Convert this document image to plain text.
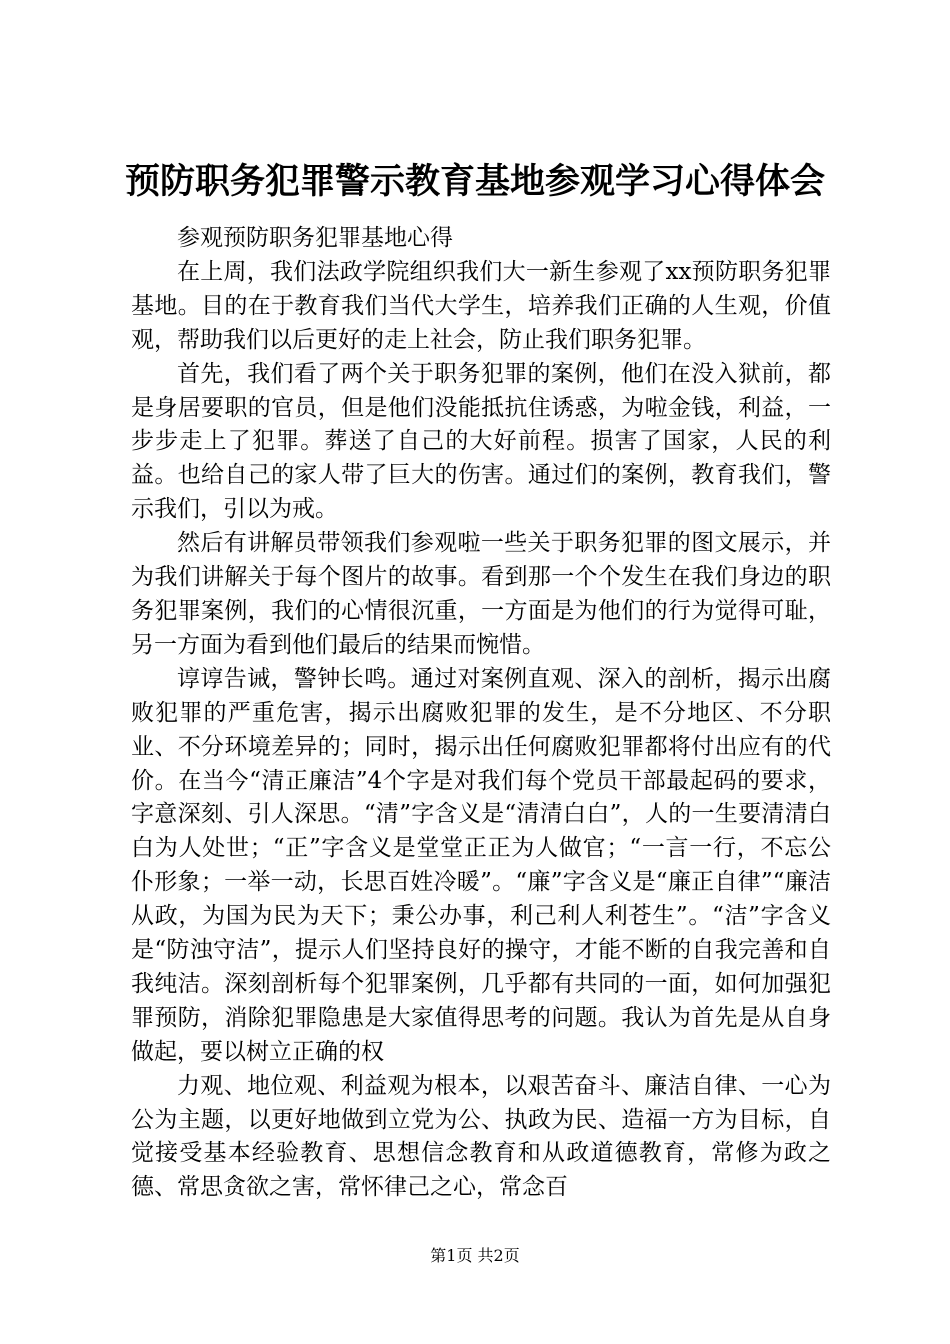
预防职务犯罪警示教育基地参观学习心得体会

参观预防职务犯罪基地心得

在上周，我们法政学院组织我们大一新生参观了xx预防职务犯罪基地。目的在于教育我们当代大学生，培养我们正确的人生观，价值观，帮助我们以后更好的走上社会，防止我们职务犯罪。

首先，我们看了两个关于职务犯罪的案例，他们在没入狱前，都是身居要职的官员，但是他们没能抵抗住诱惑，为啦金钱，利益，一步步走上了犯罪。葬送了自己的大好前程。损害了国家，人民的利益。也给自己的家人带了巨大的伤害。通过们的案例，教育我们，警示我们，引以为戒。

然后有讲解员带领我们参观啦一些关于职务犯罪的图文展示，并为我们讲解关于每个图片的故事。看到那一个个发生在我们身边的职务犯罪案例，我们的心情很沉重，一方面是为他们的行为觉得可耻，另一方面为看到他们最后的结果而惋惜。

谆谆告诫，警钟长鸣。通过对案例直观、深入的剖析，揭示出腐败犯罪的严重危害，揭示出腐败犯罪的发生，是不分地区、不分职业、不分环境差异的；同时，揭示出任何腐败犯罪都将付出应有的代价。在当今“清正廉洁”4个字是对我们每个党员干部最起码的要求，字意深刻、引人深思。“清”字含义是“清清白白”，人的一生要清清白白为人处世；“正”字含义是堂堂正正为人做官；“一言一行，不忘公仆形象；一举一动，长思百姓冷暖”。“廉”字含义是“廉正自律”“廉洁从政，为国为民为天下；秉公办事，利己利人利苍生”。“洁”字含义是“防浊守洁”，提示人们坚持良好的操守，才能不断的自我完善和自我纯洁。深刻剖析每个犯罪案例，几乎都有共同的一面，如何加强犯罪预防，消除犯罪隐患是大家值得思考的问题。我认为首先是从自身做起，要以树立正确的权

力观、地位观、利益观为根本，以艰苦奋斗、廉洁自律、一心为公为主题，以更好地做到立党为公、执政为民、造福一方为目标，自觉接受基本经验教育、思想信念教育和从政道德教育，常修为政之德、常思贪欲之害，常怀律己之心，常念百

第1页 共2页
